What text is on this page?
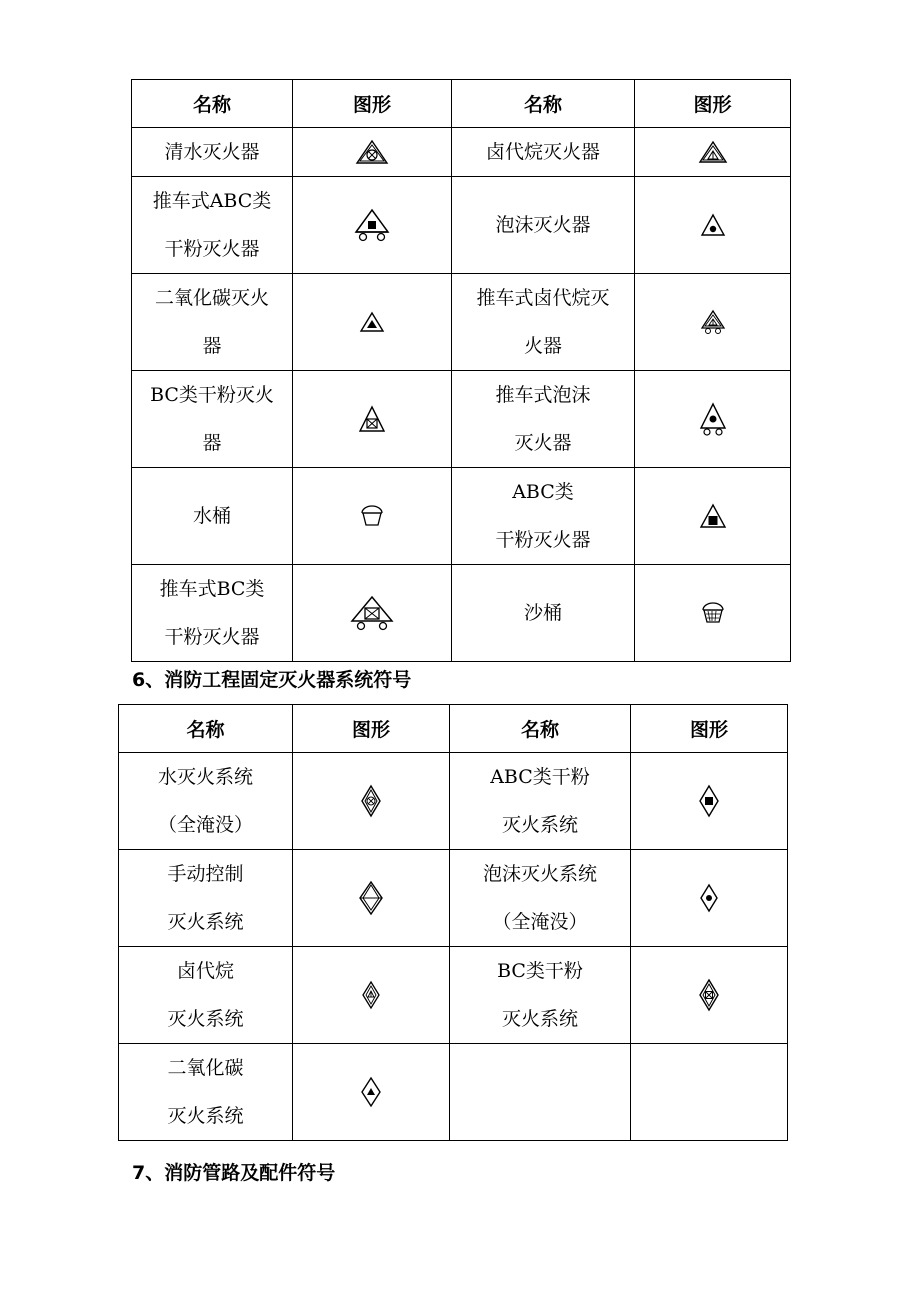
名称	图形	名称	图形

清水灭火器		卤代烷灭火器

推车式ABC类
干粉灭火器		泡沫灭火器

二氧化碳灭火
器		推车式卤代烷灭
火器

BC类干粉灭火
器		推车式泡沫
灭火器

水桶		ABC类
干粉灭火器

推车式BC类
干粉灭火器		沙桶

6、消防工程固定灭火器系统符号
名称	图形	名称	图形

水灭火系统
（全淹没）		ABC类干粉
灭火系统

手动控制
灭火系统		泡沫灭火系统
（全淹没）

卤代烷
灭火系统		BC类干粉
灭火系统

二氧化碳
灭火系统

7、消防管路及配件符号
